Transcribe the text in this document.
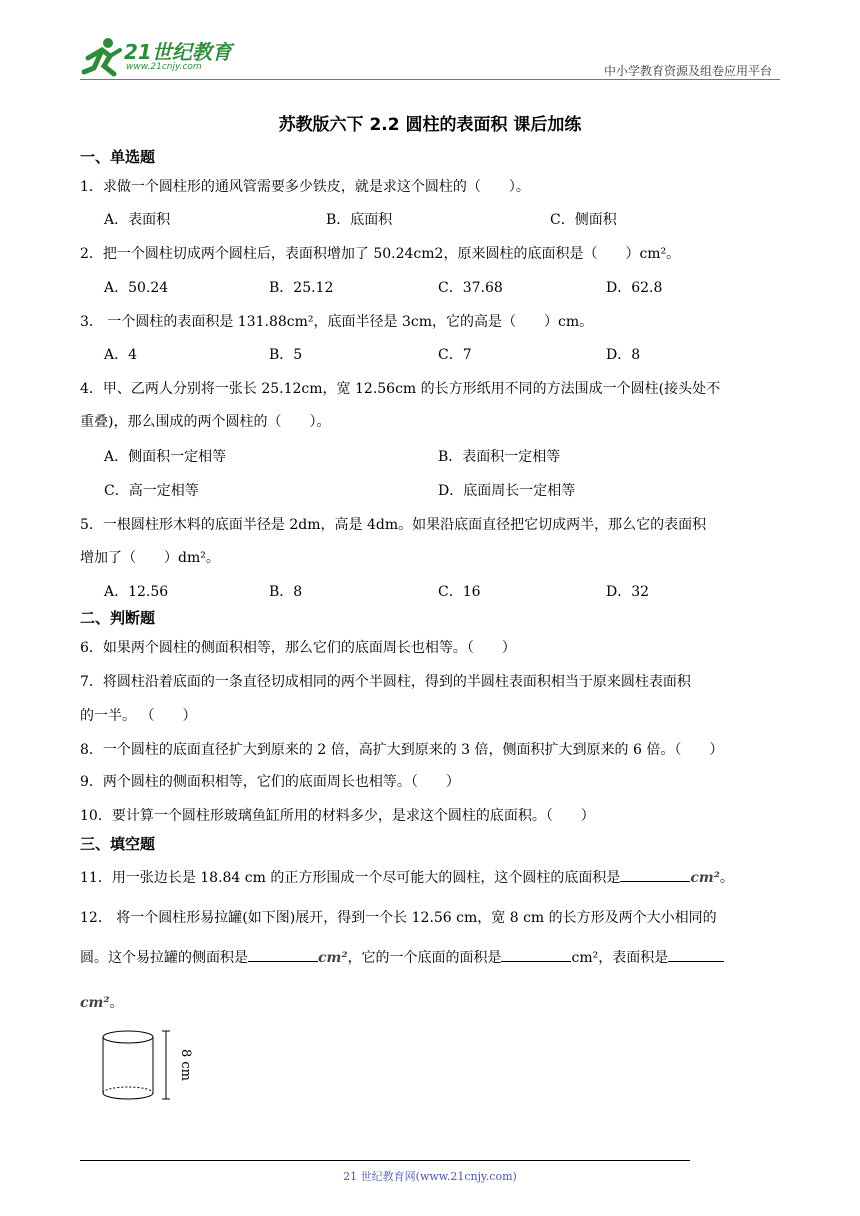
21世纪教育
www.21cnjy.com	中小学教育资源及组卷应用平台
苏教版六下 2.2 圆柱的表面积 课后加练
一、单选题
1．求做一个圆柱形的通风管需要多少铁皮，就是求这个圆柱的（　　）。
A．表面积	B．底面积	C．侧面积
2．把一个圆柱切成两个圆柱后，表面积增加了 50.24cm2，原来圆柱的底面积是（　　）cm²。
A．50.24	B．25.12	C．37.68	D．62.8
3． 一个圆柱的表面积是 131.88cm²，底面半径是 3cm，它的高是（　　）cm。
A．4	B．5	C．7	D．8
4．甲、乙两人分别将一张长 25.12cm，宽 12.56cm 的长方形纸用不同的方法围成一个圆柱(接头处不
重叠)，那么围成的两个圆柱的（　　）。
A．侧面积一定相等	B．表面积一定相等
C．高一定相等	D．底面周长一定相等
5．一根圆柱形木料的底面半径是 2dm，高是 4dm。如果沿底面直径把它切成两半，那么它的表面积
增加了（　　）dm²。
A．12.56	B．8	C．16	D．32
二、判断题
6．如果两个圆柱的侧面积相等，那么它们的底面周长也相等。（　　）
7．将圆柱沿着底面的一条直径切成相同的两个半圆柱，得到的半圆柱表面积相当于原来圆柱表面积
的一半。 （　　）
8．一个圆柱的底面直径扩大到原来的 2 倍，高扩大到原来的 3 倍，侧面积扩大到原来的 6 倍。（　　）
9．两个圆柱的侧面积相等，它们的底面周长也相等。（　　）
10．要计算一个圆柱形玻璃鱼缸所用的材料多少，是求这个圆柱的底面积。（　　）
三、填空题
11．用一张边长是 18.84 cm 的正方形围成一个尽可能大的圆柱，这个圆柱的底面积是	cm²。
12． 将一个圆柱形易拉罐(如下图)展开，得到一个长 12.56 cm，宽 8 cm 的长方形及两个大小相同的
圆。这个易拉罐的侧面积是	cm²，它的一个底面的面积是	cm²，表面积是
cm²。
8 cm
21 世纪教育网(www.21cnjy.com)
